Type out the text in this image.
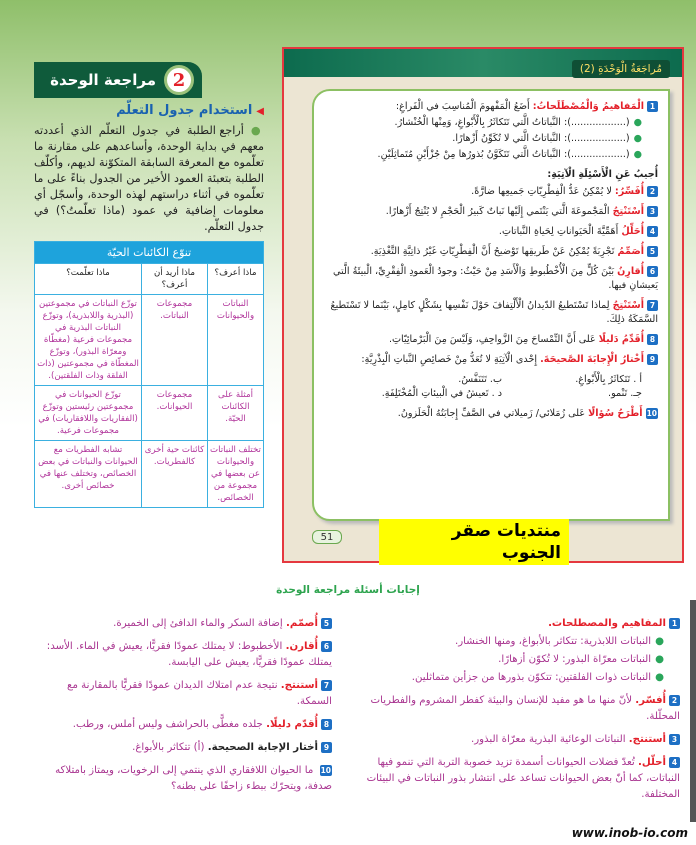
2
مراجعة الوحدة
◀استخدام جدول التعلّم
● أراجع الطلبة في جدول التعلّم الذي أعددته معهم في بداية الوحدة، وأساعدهم على مقارنة ما تعلّموه مع المعرفة السابقة المتكوّنة لديهم، وأكلّف الطلبة بتعبئة العمود الأخير من الجدول بناءً على ما تعلّموه في أثناء دراستهم لهذه الوحدة، وأسجّل أي معلومات إضافية في عمود (ماذا تعلّمتُ؟) في جدول التعلّم.
تنوّع الكائنات الحيّة		
ماذا أعرف؟	ماذا أريد أن أعرف؟	ماذا تعلّمت؟
النباتات والحيوانات	مجموعات النباتات.	توزّع النباتات في مجموعتين (البذرية واللابذرية)، وتوزّع النباتات البذرية في مجموعات فرعية (مغطّاة ومعرّاة البذور)، وتوزّع المغطّاة في مجموعتين (ذات الفلقة وذات الفلقتين).
أمثلة على الكائنات الحيّة.	مجموعات الحيوانات.	توزّع الحيوانات في مجموعتين رئيستين وتوزّع (الفقاريات واللافقاريات) في مجموعات فرعية.
تختلف النباتات والحيوانات عن بعضها في مجموعة من الخصائص.	كائنات حية أخرى كالفطريات.	تشابه الفطريات مع الحيوانات والنباتات في بعض الخصائص، وتختلف عنها في خصائص أخرى.
مُراجَعَةُ الْوَحْدَةِ (2)
1الْمَفاهيمُ وَالْمُصْطَلَحاتُ: أَضَعُ الْمَفْهومَ الْمُناسِبَ في الْفَراغِ:
●(..................): النَّباتاتُ الَّتي تَتَكاثَرُ بِالْأَبْواغِ، وَمِنْها الْخُنْشارُ.
●(..................): النَّباتاتُ الَّتي لا تُكَوِّنُ أَزْهارًا.
●(..................): النَّباتاتُ الَّتي تَتَكَوَّنُ بُذورُها مِنْ جُزْأَيْنِ مُتَماثِلَيْنِ.
أُجيبُ عَنِ الْأَسْئِلَةِ الْآتِيَةِ:
2أُفَسِّرُ: لا يُمْكِنُ عَدُّ الْفِطْرِيّاتِ جَميعِها ضارَّةً.
3أَسْتَنْتِجُ الْمَجْموعَةَ الَّتي يَنْتَمي إِلَيْها نَباتٌ كَبيرُ الْحَجْمِ لا يُنْتِجُ أَزْهارًا.
4أُحَلِّلُ أَهَمِّيَّةَ الْحَيَواناتِ لِحَياةِ النَّباتاتِ.
5أُصَمِّمُ تَجْرِبَةً يُمْكِنُ عَنْ طَريقِها تَوْضيحُ أَنَّ الْفِطْرِيّاتِ غَيْرُ ذاتِيَّةِ التَّغْذِيَةِ.
6أُقارِنُ بَيْنَ كُلٍّ مِنَ الْأُخْطُبوطِ وَالْأَسَدِ مِنْ حَيْثُ: وجودُ الْعَمودِ الْفِقْرِيِّ، الْبيئَةُ الَّتي يَعيشانِ فيها.
7أَسْتَنْتِجُ لِماذا تَسْتَطيعُ الدّيدانُ الْأَلْتِفافَ حَوْلَ نَفْسِها بِشَكْلٍ كامِلٍ، بَيْنَما لا تَسْتَطيعُ السَّمَكَةُ ذلِكَ.
8أُقَدِّمُ دَليلًا عَلى أَنَّ التِّمْساحَ مِنَ الزَّواحِفِ، وَلَيْسَ مِنَ الْبَرْمائِيّاتِ.
9أَخْتارُ الْإِجابَةَ الصَّحيحَةَ. إِحْدى الْآتِيَةِ لا تُعَدُّ مِنْ خَصائِصِ النَّباتِ الْبِذْرِيَّةِ:
أ . تَتَكاثَرُ بِالْأَبْواغِ.
ب. تَتَنَفَّسُ.
جـ. تَنْمو.
د . تَعيشُ في الْبيئاتِ الْمُخْتَلِفَةِ.
10أَطْرَحُ سُؤالًا عَلى زُمَلائي/ زَميلاتي في الصَّفِّ إِجابَتُهُ الْحَلَزونُ.
51	منتديات صقر الجنوب
إجابات أسئلة مراجعة الوحدة
1المفاهيم والمصطلحات.
●النباتات اللابذرية: تتكاثر بالأبواغ، ومنها الخنشار.
●النباتات معرّاة البذور: لا تُكوّن أزهارًا.
●النباتات ذوات الفلقتين: تتكوّن بذورها من جزأين متماثلين.
2أُفسّر. لأنّ منها ما هو مفيد للإنسان والبيئة كفطر المشروم والفطريات المحلّلة.
3أستنتج. النباتات الوعائية البذرية معرّاة البذور.
4أحلّل. تُعدّ فضلات الحيوانات أسمدة تزيد خصوبة التربة التي تنمو فيها النباتات، كما أنّ بعض الحيوانات تساعد على انتشار بذور النباتات في البيئات المختلفة.
5أُصمّم. إضافة السكر والماء الدافئ إلى الخميرة.
6أُقارن. الأخطبوط: لا يمتلك عمودًا فقريًّا، يعيش في الماء. الأسد: يمتلك عمودًا فقريًّا، يعيش على اليابسة.
7أستنتج. نتيجة عدم امتلاك الديدان عمودًا فقريًّا بالمقارنة مع السمكة.
8أُقدّم دليلًا. جلده مغطًّى بالحراشف وليس أملس، ورطب.
9أختار الإجابة الصحيحة. (أ) تتكاثر بالأبواغ.
10 ما الحيوان اللافقاري الذي ينتمي إلى الرخويات، ويمتاز بامتلاكه صدفة، ويتحرّك ببطء زاحفًا على بطنه؟
www.inob-io.com
